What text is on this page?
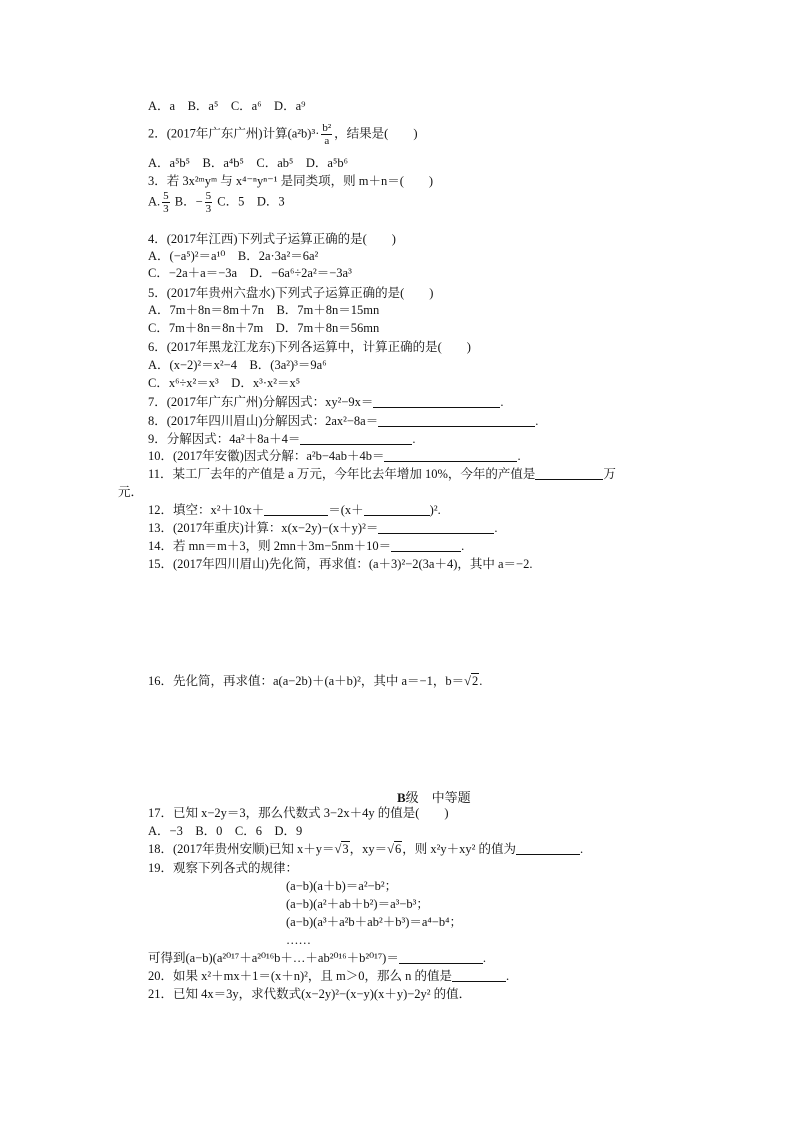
A．a　B．a⁵　C．a⁶　D．a⁹
2．(2017年广东广州)计算$(a^2b)^3\cdot \frac{\text{b²}}{a}$ ，结果是(　　)
A．a⁵b⁵　B．a⁴b⁵　C．ab⁵　D．a⁵b⁶
3．若 3x²ᵐyᵐ 与 x⁴⁻ⁿyⁿ⁻¹ 是同类项，则 m＋n＝(　　)
A. $\frac{5}{3}$ B．− $\frac{5}{3}$ C．5　D．3
4．(2017年江西)下列式子运算正确的是(　　)
A．(−a⁵)²＝a¹⁰　B．2a·3a²＝6a²
C．−2a＋a＝−3a　D．−6a⁶÷2a²＝−3a³
5．(2017年贵州六盘水)下列式子运算正确的是(　　)
A．7m＋8n＝8m＋7n　B．7m＋8n＝15mn
C．7m＋8n＝8n＋7m　D．7m＋8n＝56mn
6．(2017年黑龙江龙东)下列各运算中，计算正确的是(　　)
A．(x−2)²＝x²−4　B．(3a²)³＝9a⁶
C．x⁶÷x²＝x³　D．x³·x²＝x⁵
7．(2017年广东广州)分解因式：xy²−9x＝	.
8．(2017年四川眉山)分解因式：2ax²−8a＝	.
9．分解因式：4a²＋8a＋4＝	.
10．(2017年安徽)因式分解：a²b−4ab＋4b＝	.
11．某工厂去年的产值是 a 万元，今年比去年增加 10%，今年的产值是	万
元．
12．填空：x²＋10x＋	＝(x＋	)².
13．(2017年重庆)计算：x(x−2y)−(x＋y)²＝	.
14．若 mn＝m＋3，则 2mn＋3m−5nm＋10＝	.
15．(2017年四川眉山)先化简，再求值：(a＋3)²−2(3a＋4)，其中 a＝−2.
16．先化简，再求值：a(a−2b)＋(a＋b)²，其中 a＝−1，b＝√2.
B级　中等题
17．已知 x−2y＝3，那么代数式 3−2x＋4y 的值是(　　)
A．−3　B．0　C．6　D．9
18．(2017年贵州安顺)已知 x＋y＝√3，xy＝√6，则 x²y＋xy² 的值为	.
19．观察下列各式的规律：
(a−b)(a＋b)＝a²−b²；
(a−b)(a²＋ab＋b²)＝a³−b³；
(a−b)(a³＋a²b＋ab²＋b³)＝a⁴−b⁴；
……
可得到(a−b)(a²⁰¹⁷＋a²⁰¹⁶b＋…＋ab²⁰¹⁶＋b²⁰¹⁷)＝	.
20．如果 x²＋mx＋1＝(x＋n)²，且 m＞0，那么 n 的值是	.
21．已知 4x＝3y，求代数式(x−2y)²−(x−y)(x＋y)−2y² 的值．
